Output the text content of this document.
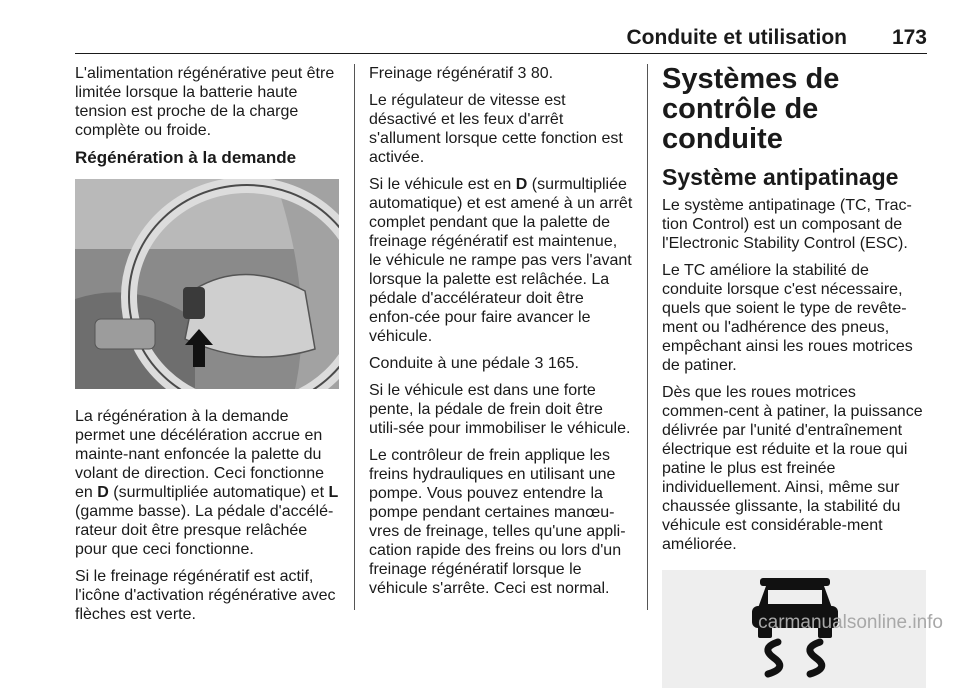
Conduite et utilisation 173

L'alimentation régénérative peut être limitée lorsque la batterie haute tension est proche de la charge complète ou froide.

Régénération à la demande

La régénération à la demande permet une décélération accrue en mainte-nant enfoncée la palette du volant de direction. Ceci fonctionne en D (surmultipliée automatique) et L (gamme basse). La pédale d'accélé-rateur doit être presque relâchée pour que ceci fonctionne.

Si le freinage régénératif est actif, l'icône d'activation régénérative avec flèches est verte.

Freinage régénératif 3 80.

Le régulateur de vitesse est désactivé et les feux d'arrêt s'allument lorsque cette fonction est activée.

Si le véhicule est en D (surmultipliée automatique) et est amené à un arrêt complet pendant que la palette de freinage régénératif est maintenue, le véhicule ne rampe pas vers l'avant lorsque la palette est relâchée. La pédale d'accélérateur doit être enfon-cée pour faire avancer le véhicule.

Conduite à une pédale 3 165.

Si le véhicule est dans une forte pente, la pédale de frein doit être utili-sée pour immobiliser le véhicule.

Le contrôleur de frein applique les freins hydrauliques en utilisant une pompe. Vous pouvez entendre la pompe pendant certaines manœu-vres de freinage, telles qu'une appli-cation rapide des freins ou lors d'un freinage régénératif lorsque le véhicule s'arrête. Ceci est normal.

Systèmes de contrôle de conduite
Système antipatinage

Le système antipatinage (TC, Trac-tion Control) est un composant de l'Electronic Stability Control (ESC).

Le TC améliore la stabilité de conduite lorsque c'est nécessaire, quels que soient le type de revête-ment ou l'adhérence des pneus, empêchant ainsi les roues motrices de patiner.

Dès que les roues motrices commen-cent à patiner, la puissance délivrée par l'unité d'entraînement électrique est réduite et la roue qui patine le plus est freinée individuellement. Ainsi, même sur chaussée glissante, la stabilité du véhicule est considérable-ment améliorée.

carmanualsonline.info
